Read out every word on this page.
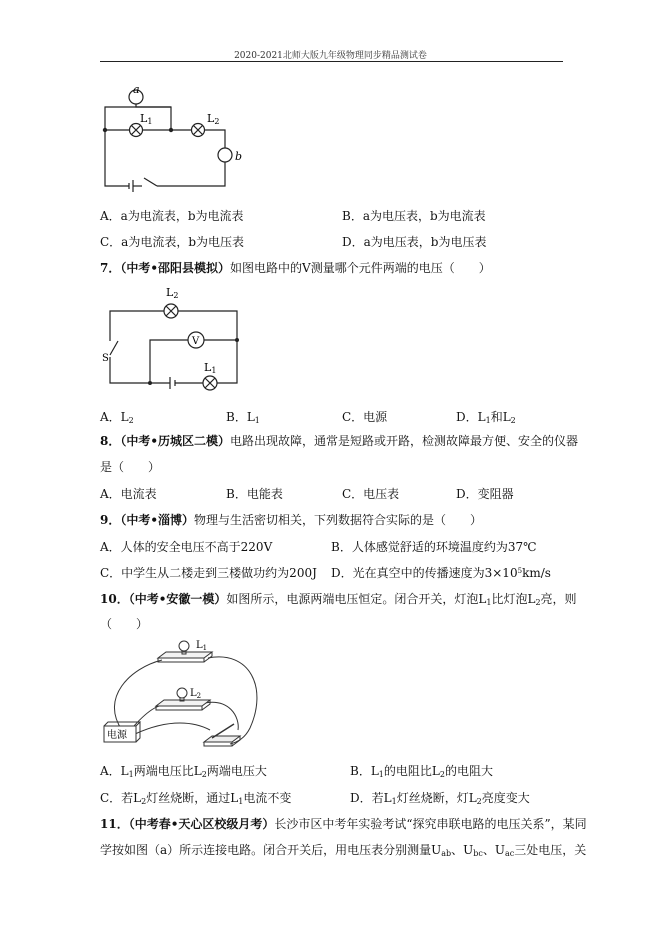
2020-2021北师大版九年级物理同步精品测试卷
a
L1	L2
b
A．a为电流表，b为电流表	B．a为电压表，b为电流表
C．a为电流表，b为电压表	D．a为电压表，b为电压表
7．（中考•邵阳县模拟）如图电路中的V测量哪个元件两端的电压（　　）
V
L2
L1
S
A．$L_2$	B．$L_1$	C．电源	D．$L_1$和$L_2$
8．（中考•历城区二模）电路出现故障，通常是短路或开路，检测故障最方便、安全的仪器
是（　　）
A．电流表	B．电能表	C．电压表	D．变阻器
9．（中考•淄博）物理与生活密切相关，下列数据符合实际的是（　　）
A．人体的安全电压不高于220V	B．人体感觉舒适的环境温度约为37℃
C．中学生从二楼走到三楼做功约为200J D．光在真空中的传播速度为$3\times 10^5km/s$
10．（中考•安徽一模）如图所示，电源两端电压恒定。闭合开关，灯泡$L_1$比灯泡$L_2$亮，则
（　　）
电源
$L_1$
$L_2$
A．$L_1$两端电压比$L_2$两端电压大	B．$L_1$的电阻比$L_2$的电阻大
C．若$L_2$灯丝烧断，通过$L_1$电流不变	D．若$L_1$灯丝烧断，灯$L_2$亮度变大
11．（中考春•天心区校级月考）长沙市区中考年实验考试“探究串联电路的电压关系”，某同
学按如图（a）所示连接电路。闭合开关后，用电压表分别测量$U_{ab}$、$U_{bc}$、$U_{ac}$三处电压，关
